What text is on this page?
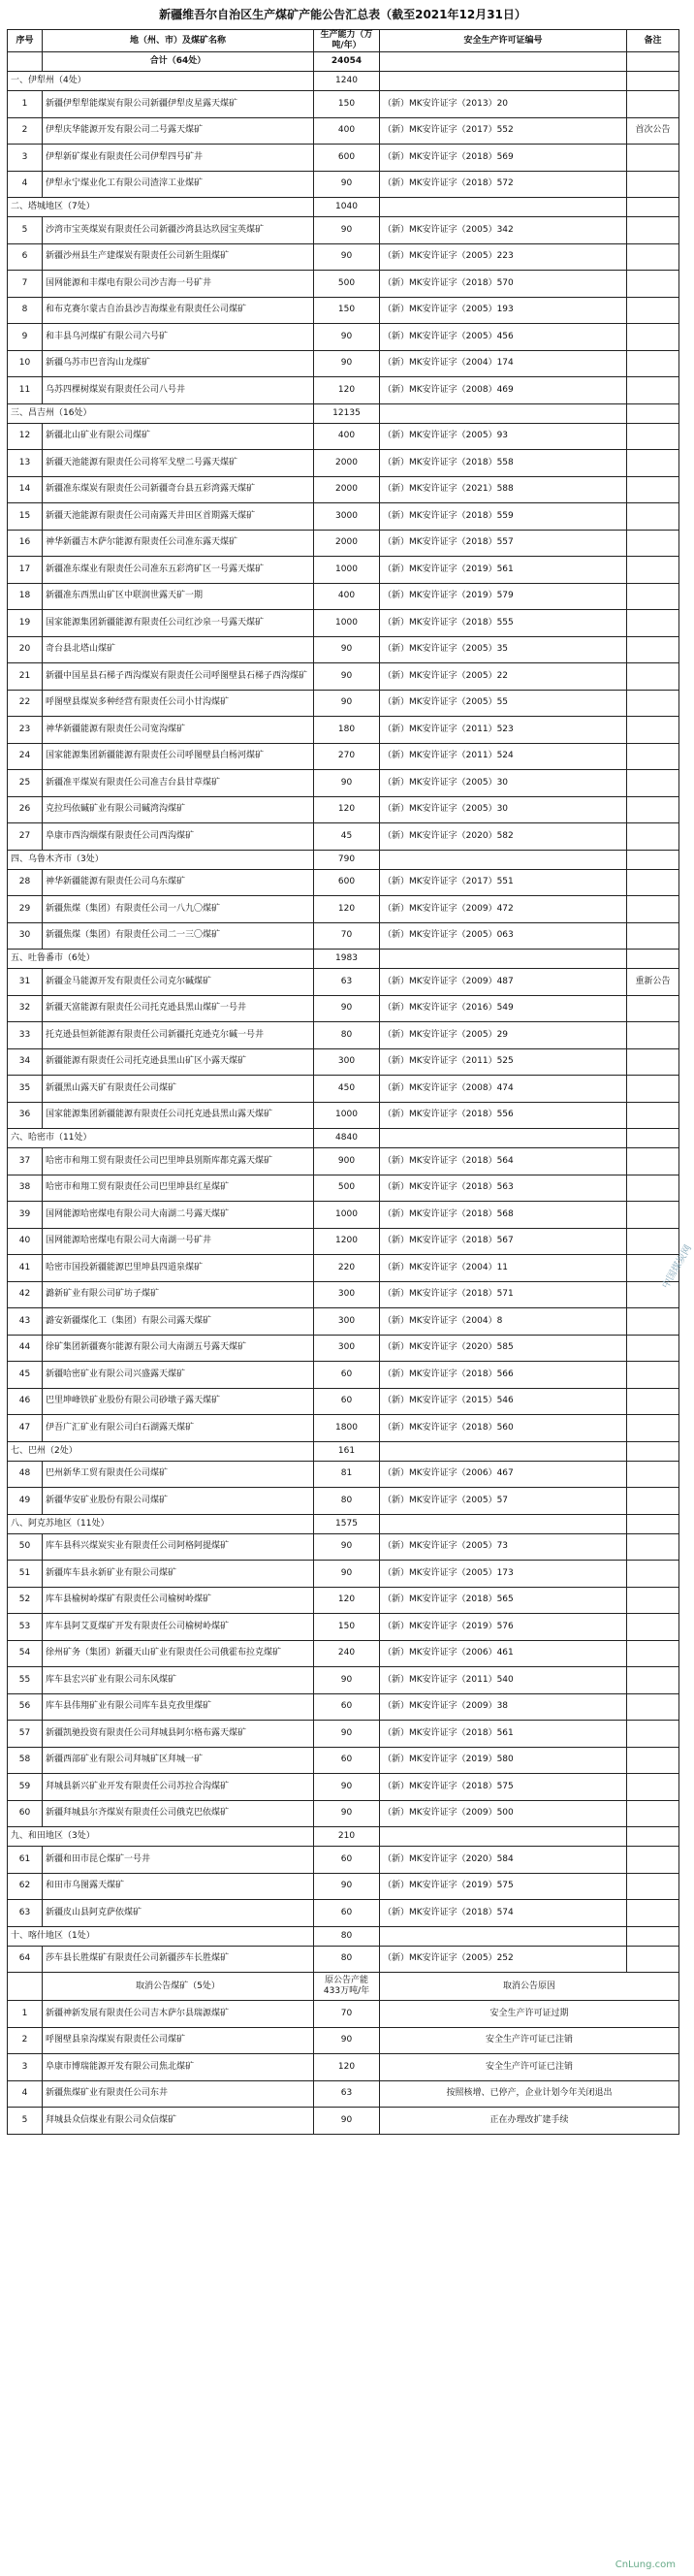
新疆维吾尔自治区生产煤矿产能公告汇总表（截至2021年12月31日）
序号	地（州、市）及煤矿名称	生产能力（万吨/年）	安全生产许可证编号	备注
	合计（64处）	24054		
一、伊犁州（4处）		1240		
1	新疆伊犁犁能煤炭有限公司新疆伊犁皮星露天煤矿	150	（新）MK安许证字（2013）20	
2	伊犁庆华能源开发有限公司二号露天煤矿	400	（新）MK安许证字（2017）552	首次公告
3	伊犁新矿煤业有限责任公司伊犁四号矿井	600	（新）MK安许证字（2018）569	
4	伊犁永宁煤业化工有限公司渣滓工业煤矿	90	（新）MK安许证字（2018）572	
二、塔城地区（7处）		1040		
5	沙湾市宝英煤炭有限责任公司新疆沙湾县达玖园宝英煤矿	90	（新）MK安许证字（2005）342	
6	新疆沙州县生产建煤炭有限责任公司新生阻煤矿	90	（新）MK安许证字（2005）223	
7	国网能源和丰煤电有限公司沙吉海一号矿井	500	（新）MK安许证字（2018）570	
8	和布克赛尔蒙古自治县沙吉海煤业有限责任公司煤矿	150	（新）MK安许证字（2005）193	
9	和丰县乌河煤矿有限公司六号矿	90	（新）MK安许证字（2005）456	
10	新疆乌苏市巴音沟山龙煤矿	90	（新）MK安许证字（2004）174	
11	乌苏四棵树煤炭有限责任公司八号井	120	（新）MK安许证字（2008）469	
三、昌吉州（16处）		12135		
12	新疆北山矿业有限公司煤矿	400	（新）MK安许证字（2005）93	
13	新疆天池能源有限责任公司将军戈壁二号露天煤矿	2000	（新）MK安许证字（2018）558	
14	新疆准东煤炭有限责任公司新疆奇台县五彩湾露天煤矿	2000	（新）MK安许证字（2021）588	
15	新疆天池能源有限责任公司南露天井田区首期露天煤矿	3000	（新）MK安许证字（2018）559	
16	神华新疆吉木萨尔能源有限责任公司准东露天煤矿	2000	（新）MK安许证字（2018）557	
17	新疆准东煤业有限责任公司准东五彩湾矿区一号露天煤矿	1000	（新）MK安许证字（2019）561	
18	新疆准东西黑山矿区中联润世露天矿一期	400	（新）MK安许证字（2019）579	
19	国家能源集团新疆能源有限责任公司红沙泉一号露天煤矿	1000	（新）MK安许证字（2018）555	
20	奇台县北塔山煤矿	90	（新）MK安许证字（2005）35	
21	新疆中国星县石梯子西沟煤炭有限责任公司呼图壁县石梯子西沟煤矿	90	（新）MK安许证字（2005）22	
22	呼图壁县煤炭多种经营有限责任公司小甘沟煤矿	90	（新）MK安许证字（2005）55	
23	神华新疆能源有限责任公司宽沟煤矿	180	（新）MK安许证字（2011）523	
24	国家能源集团新疆能源有限责任公司呼图壁县白杨河煤矿	270	（新）MK安许证字（2011）524	
25	新疆准平煤炭有限责任公司准吉台县甘草煤矿	90	（新）MK安许证字（2005）30	
26	克拉玛依碱矿业有限公司碱湾沟煤矿	120	（新）MK安许证字（2005）30	
27	阜康市西沟烟煤有限责任公司西沟煤矿	45	（新）MK安许证字（2020）582	
四、乌鲁木齐市（3处）		790		
28	神华新疆能源有限责任公司乌东煤矿	600	（新）MK安许证字（2017）551	
29	新疆焦煤（集团）有限责任公司一八九〇煤矿	120	（新）MK安许证字（2009）472	
30	新疆焦煤（集团）有限责任公司二一三〇煤矿	70	（新）MK安许证字（2005）063	
五、吐鲁番市（6处）		1983		
31	新疆金马能源开发有限责任公司克尔碱煤矿	63	（新）MK安许证字（2009）487	重新公告
32	新疆天富能源有限责任公司托克逊县黑山煤矿一号井	90	（新）MK安许证字（2016）549	
33	托克逊县恒新能源有限责任公司新疆托克逊克尔碱一号井	80	（新）MK安许证字（2005）29	
34	新疆能源有限责任公司托克逊县黑山矿区小露天煤矿	300	（新）MK安许证字（2011）525	
35	新疆黑山露天矿有限责任公司煤矿	450	（新）MK安许证字（2008）474	
36	国家能源集团新疆能源有限责任公司托克逊县黑山露天煤矿	1000	（新）MK安许证字（2018）556	
六、哈密市（11处）		4840		
37	哈密市和翔工贸有限责任公司巴里坤县别斯库都克露天煤矿	900	（新）MK安许证字（2018）564	
38	哈密市和翔工贸有限责任公司巴里坤县红星煤矿	500	（新）MK安许证字（2018）563	
39	国网能源哈密煤电有限公司大南湖二号露天煤矿	1000	（新）MK安许证字（2018）568	
40	国网能源哈密煤电有限公司大南湖一号矿井	1200	（新）MK安许证字（2018）567	
41	哈密市国投新疆能源巴里坤县四道泉煤矿	220	（新）MK安许证字（2004）11	
42	潞新矿业有限公司矿坊子煤矿	300	（新）MK安许证字（2018）571	
43	潞安新疆煤化工（集团）有限公司露天煤矿	300	（新）MK安许证字（2004）8	
44	徐矿集团新疆赛尔能源有限公司大南湖五号露天煤矿	300	（新）MK安许证字（2020）585	
45	新疆哈密矿业有限公司兴盛露天煤矿	60	（新）MK安许证字（2018）566	
46	巴里坤峰铁矿业股份有限公司砂墩子露天煤矿	60	（新）MK安许证字（2015）546	
47	伊吾广汇矿业有限公司白石湖露天煤矿	1800	（新）MK安许证字（2018）560	
七、巴州（2处）		161		
48	巴州新华工贸有限责任公司煤矿	81	（新）MK安许证字（2006）467	
49	新疆华安矿业股份有限公司煤矿	80	（新）MK安许证字（2005）57	
八、阿克苏地区（11处）		1575		
50	库车县科兴煤炭实业有限责任公司阿格阿提煤矿	90	（新）MK安许证字（2005）73	
51	新疆库车县永新矿业有限公司煤矿	90	（新）MK安许证字（2005）173	
52	库车县榆树岭煤矿有限责任公司榆树岭煤矿	120	（新）MK安许证字（2018）565	
53	库车县阿艾夏煤矿开发有限责任公司榆树岭煤矿	150	（新）MK安许证字（2019）576	
54	徐州矿务（集团）新疆天山矿业有限责任公司俄霍布拉克煤矿	240	（新）MK安许证字（2006）461	
55	库车县宏兴矿业有限公司东风煤矿	90	（新）MK安许证字（2011）540	
56	库车县伟翔矿业有限公司库车县克孜里煤矿	60	（新）MK安许证字（2009）38	
57	新疆凯驰投资有限责任公司拜城县阿尔格布露天煤矿	90	（新）MK安许证字（2018）561	
58	新疆西部矿业有限公司拜城矿区拜城一矿	60	（新）MK安许证字（2019）580	
59	拜城县新兴矿业开发有限责任公司苏拉合沟煤矿	90	（新）MK安许证字（2018）575	
60	新疆拜城县尔齐煤炭有限责任公司俄克巴依煤矿	90	（新）MK安许证字（2009）500	
九、和田地区（3处）		210		
61	新疆和田市昆仑煤矿一号井	60	（新）MK安许证字（2020）584	
62	和田市乌图露天煤矿	90	（新）MK安许证字（2019）575	
63	新疆皮山县阿克萨依煤矿	60	（新）MK安许证字（2018）574	
十、喀什地区（1处）		80		
64	莎车县长胜煤矿有限责任公司新疆莎车长胜煤矿	80	（新）MK安许证字（2005）252	
	取消公告煤矿（5处）	原公告产能433万吨/年	取消公告原因
1	新疆神新发展有限责任公司吉木萨尔县瑞源煤矿	70	安全生产许可证过期
2	呼图壁县泉沟煤炭有限责任公司煤矿	90	安全生产许可证已注销
3	阜康市博瑞能源开发有限公司焦北煤矿	120	安全生产许可证已注销
4	新疆焦煤矿业有限责任公司东井	63	按照核增、已停产，企业计划今年关闭退出
5	拜城县众信煤业有限公司众信煤矿	90	正在办理改扩建手续
CnLung.com
中国煤炭网
